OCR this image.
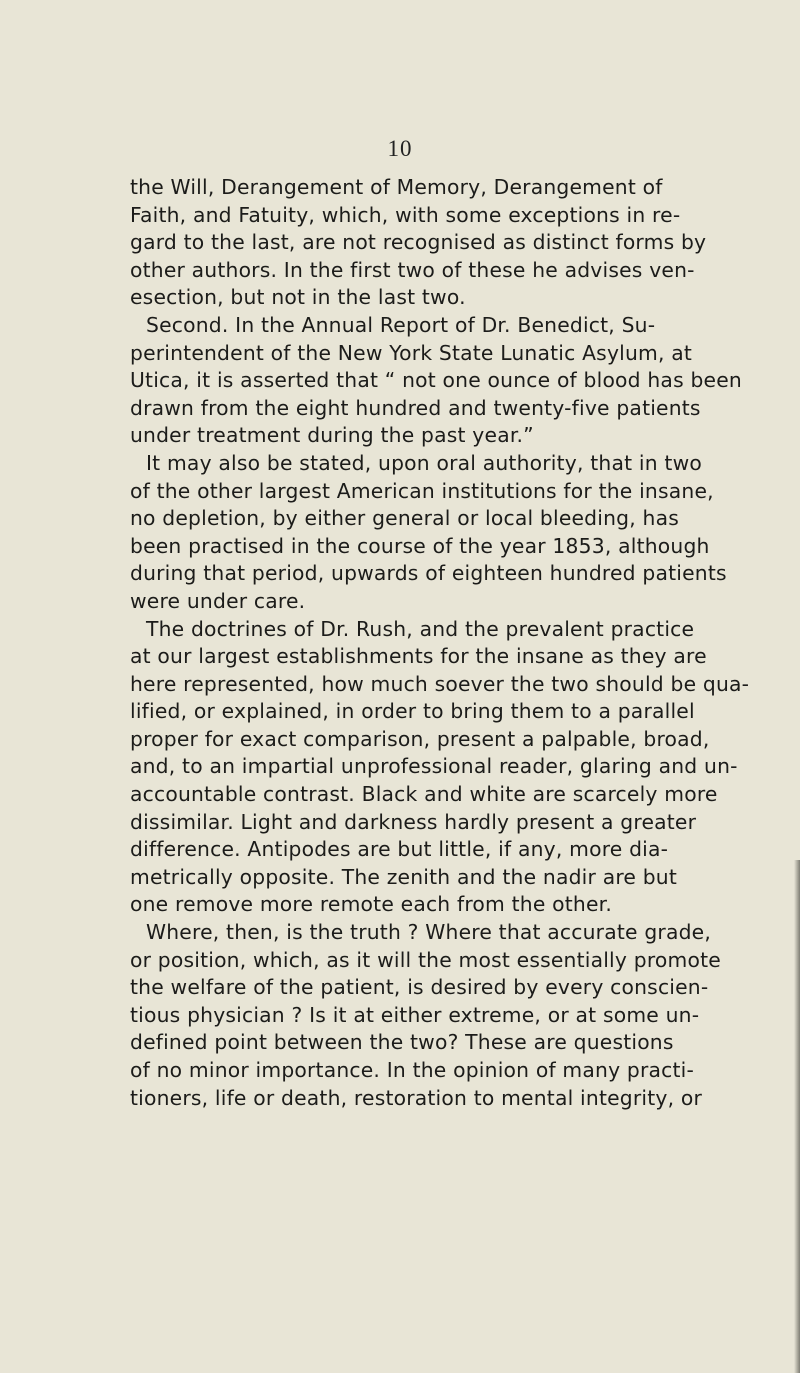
10
the Will, Derangement of Memory, Derangement of
Faith, and Fatuity, which, with some exceptions in re-
gard to the last, are not recognised as distinct forms by
other authors. In the first two of these he advises ven-
esection, but not in the last two.
Second. In the Annual Report of Dr. Benedict, Su-
perintendent of the New York State Lunatic Asylum, at
Utica, it is asserted that “ not one ounce of blood has been
drawn from the eight hundred and twenty-five patients
under treatment during the past year.”
It may also be stated, upon oral authority, that in two
of the other largest American institutions for the insane,
no depletion, by either general or local bleeding, has
been practised in the course of the year 1853, although
during that period, upwards of eighteen hundred patients
were under care.
The doctrines of Dr. Rush, and the prevalent practice
at our largest establishments for the insane as they are
here represented, how much soever the two should be qua-
lified, or explained, in order to bring them to a parallel
proper for exact comparison, present a palpable, broad,
and, to an impartial unprofessional reader, glaring and un-
accountable contrast. Black and white are scarcely more
dissimilar. Light and darkness hardly present a greater
difference. Antipodes are but little, if any, more dia-
metrically opposite. The zenith and the nadir are but
one remove more remote each from the other.
Where, then, is the truth ? Where that accurate grade,
or position, which, as it will the most essentially promote
the welfare of the patient, is desired by every conscien-
tious physician ? Is it at either extreme, or at some un-
defined point between the two? These are questions
of no minor importance. In the opinion of many practi-
tioners, life or death, restoration to mental integrity, or
